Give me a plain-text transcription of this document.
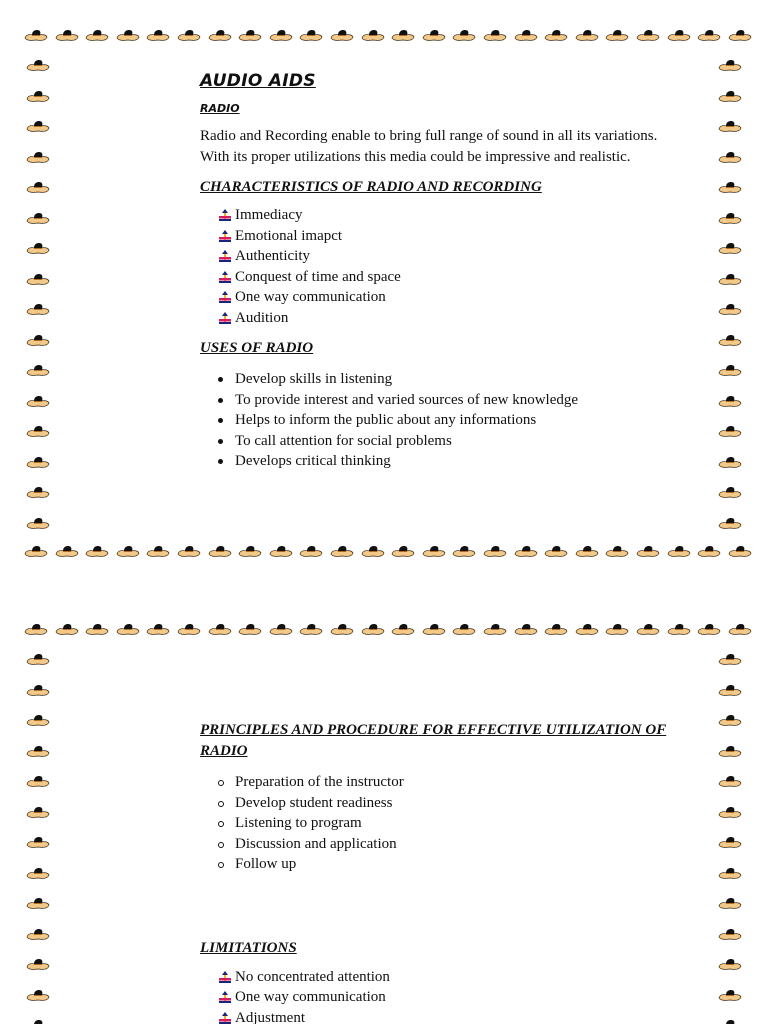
AUDIO AIDS
RADIO

Radio and Recording enable to bring full range of sound in all its variations.

With its proper utilizations this media could be impressive and realistic.

CHARACTERISTICS OF RADIO AND RECORDING
Immediacy
Emotional imapct
Authenticity
Conquest of time and space
One way communication
Audition
USES OF RADIO
Develop skills in listening
To provide interest and varied sources of new knowledge
Helps to inform the public about any informations
To call attention for social problems
Develops critical thinking
PRINCIPLES AND PROCEDURE FOR EFFECTIVE UTILIZATION OF
RADIO
Preparation of the instructor
Develop student readiness
Listening to program
Discussion and application
Follow up
LIMITATIONS
No concentrated attention
One way communication
Adjustment
